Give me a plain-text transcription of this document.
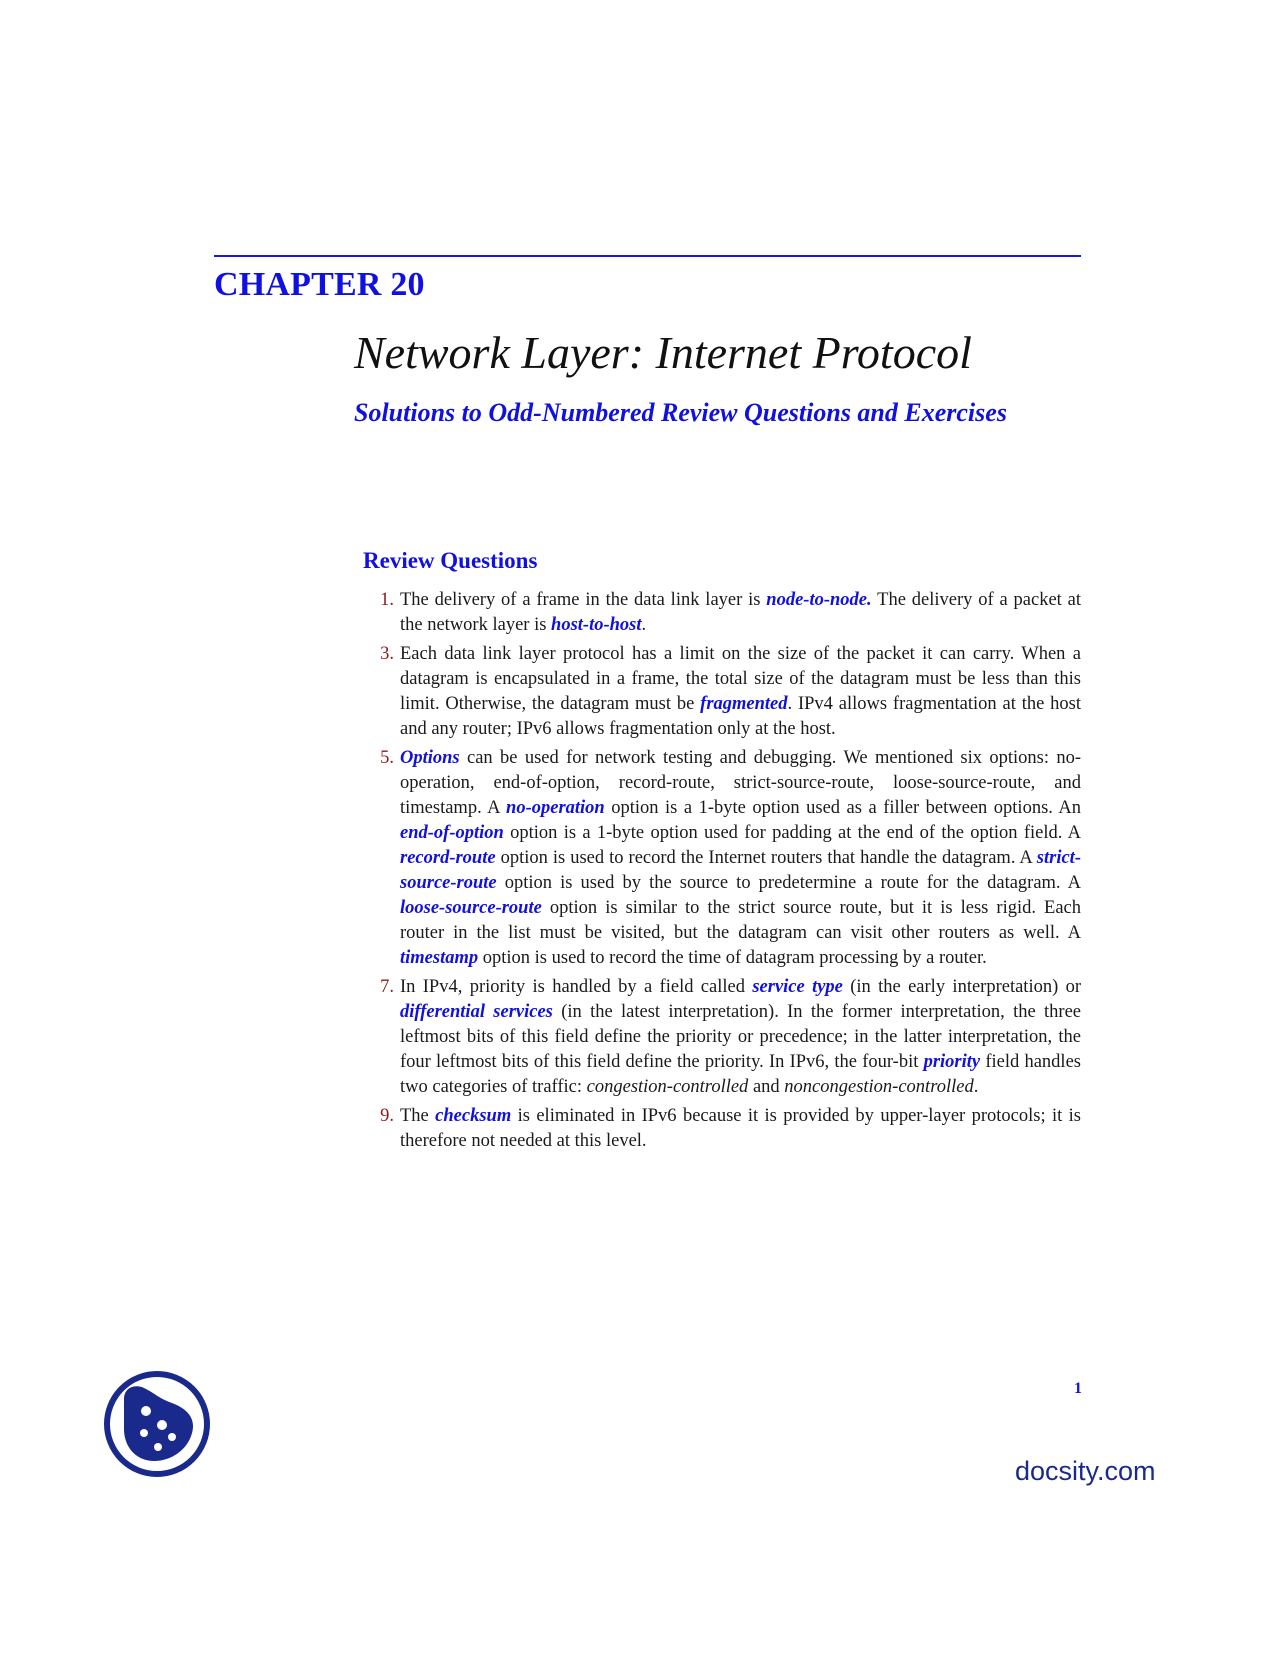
CHAPTER 20
Network Layer: Internet Protocol
Solutions to Odd-Numbered Review Questions and Exercises
Review Questions
1. The delivery of a frame in the data link layer is node-to-node. The delivery of a packet at the network layer is host-to-host.
3. Each data link layer protocol has a limit on the size of the packet it can carry. When a datagram is encapsulated in a frame, the total size of the datagram must be less than this limit. Otherwise, the datagram must be fragmented. IPv4 allows fragmentation at the host and any router; IPv6 allows fragmentation only at the host.
5. Options can be used for network testing and debugging. We mentioned six options: no-operation, end-of-option, record-route, strict-source-route, loose-source-route, and timestamp. A no-operation option is a 1-byte option used as a filler between options. An end-of-option option is a 1-byte option used for padding at the end of the option field. A record-route option is used to record the Internet routers that handle the datagram. A strict-source-route option is used by the source to predetermine a route for the datagram. A loose-source-route option is similar to the strict source route, but it is less rigid. Each router in the list must be visited, but the datagram can visit other routers as well. A timestamp option is used to record the time of datagram processing by a router.
7. In IPv4, priority is handled by a field called service type (in the early interpretation) or differential services (in the latest interpretation). In the former interpretation, the three leftmost bits of this field define the priority or precedence; in the latter interpretation, the four leftmost bits of this field define the priority. In IPv6, the four-bit priority field handles two categories of traffic: congestion-controlled and noncongestion-controlled.
9. The checksum is eliminated in IPv6 because it is provided by upper-layer protocols; it is therefore not needed at this level.
1
docsity.com
